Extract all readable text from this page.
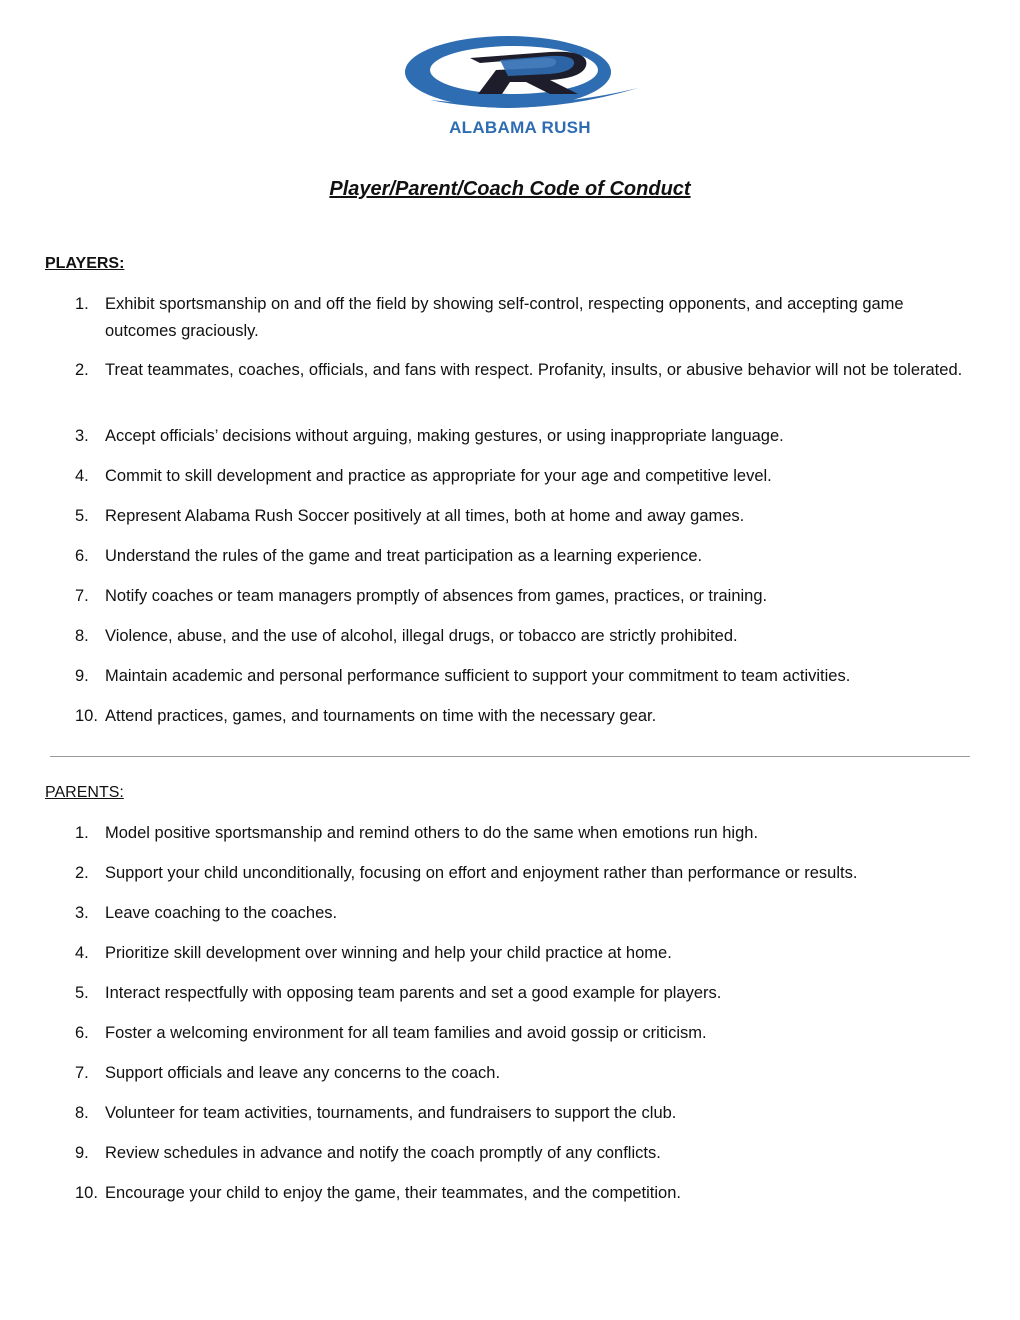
ALABAMA RUSH
Player/Parent/Coach Code of Conduct
PLAYERS:
1. Exhibit sportsmanship on and off the field by showing self-control, respecting opponents, and accepting game outcomes graciously.
2. Treat teammates, coaches, officials, and fans with respect. Profanity, insults, or abusive behavior will not be tolerated.
3. Accept officials’ decisions without arguing, making gestures, or using inappropriate language.
4. Commit to skill development and practice as appropriate for your age and competitive level.
5. Represent Alabama Rush Soccer positively at all times, both at home and away games.
6. Understand the rules of the game and treat participation as a learning experience.
7. Notify coaches or team managers promptly of absences from games, practices, or training.
8. Violence, abuse, and the use of alcohol, illegal drugs, or tobacco are strictly prohibited.
9. Maintain academic and personal performance sufficient to support your commitment to team activities.
10. Attend practices, games, and tournaments on time with the necessary gear.
PARENTS:
1. Model positive sportsmanship and remind others to do the same when emotions run high.
2. Support your child unconditionally, focusing on effort and enjoyment rather than performance or results.
3. Leave coaching to the coaches.
4. Prioritize skill development over winning and help your child practice at home.
5. Interact respectfully with opposing team parents and set a good example for players.
6. Foster a welcoming environment for all team families and avoid gossip or criticism.
7. Support officials and leave any concerns to the coach.
8. Volunteer for team activities, tournaments, and fundraisers to support the club.
9. Review schedules in advance and notify the coach promptly of any conflicts.
10. Encourage your child to enjoy the game, their teammates, and the competition.
